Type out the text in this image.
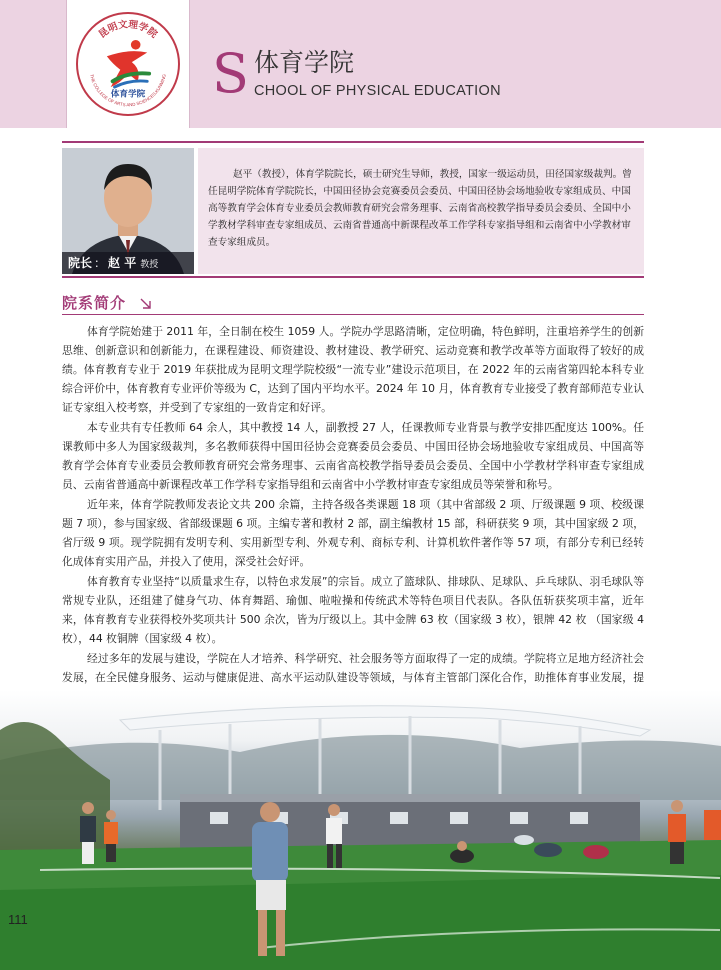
昆明文理学院
THE COLLEGE OF ARTS AND SCIENCES,KUNMING
体育学院 S 体育学院
CHOOL OF PHYSICAL EDUCATION
院长 ： 赵 平 教授

赵平（教授），体育学院院长，硕士研究生导师，教授，国家一级运动员，田径国家级裁判。曾任昆明学院体育学院院长，中国田径协会竞赛委员会委员、中国田径协会场地验收专家组成员、中国高等教育学会体育专业委员会教师教育研究会常务理事、云南省高校教学指导委员会委员、全国中小学教材学科审查专家组成员、云南省普通高中新课程改革工作学科专家指导组和云南省中小学教材审查专家组成员。

院系简介

体育学院始建于 2011 年，全日制在校生 1059 人。学院办学思路清晰，定位明确，特色鲜明，注重培养学生的创新思维、创新意识和创新能力，在课程建设、师资建设、教材建设、教学研究、运动竞赛和教学改革等方面取得了较好的成绩。体育教育专业于 2019 年获批成为昆明文理学院校级“一流专业”建设示范项目，在 2022 年的云南省第四轮本科专业综合评价中，体育教育专业评价等级为 C，达到了国内平均水平。2024 年 10 月，体育教育专业接受了教育部师范专业认证专家组入校考察，并受到了专家组的一致肯定和好评。

本专业共有专任教师 64 余人，其中教授 14 人，副教授 27 人，任课教师专业背景与教学安排匹配度达 100%。任课教师中多人为国家级裁判，多名教师获得中国田径协会竞赛委员会委员、中国田径协会场地验收专家组成员、中国高等教育学会体育专业委员会教师教育研究会常务理事、云南省高校教学指导委员会委员、全国中小学教材学科审查专家组成员、云南省普通高中新课程改革工作学科专家指导组和云南省中小学教材审查专家组成员等荣誉和称号。

近年来，体育学院教师发表论文共 200 余篇，主持各级各类课题 18 项（其中省部级 2 项、厅级课题 9 项、校级课题 7 项），参与国家级、省部级课题 6 项。主编专著和教材 2 部，副主编教材 15 部，科研获奖 9 项，其中国家级 2 项，省厅级 9 项。现学院拥有发明专利、实用新型专利、外观专利、商标专利、计算机软件著作等 57 项，有部分专利已经转化成体育实用产品，并投入了使用，深受社会好评。

体育教育专业坚持“以质量求生存，以特色求发展”的宗旨。成立了篮球队、排球队、足球队、乒乓球队、羽毛球队等常规专业队，还组建了健身气功、体育舞蹈、瑜伽、啦啦操和传统武术等特色项目代表队。各队伍斩获奖项丰富，近年来，体育教育专业获得校外奖项共计 500 余次，皆为厅级以上。其中金牌 63 枚（国家级 3 枚），银牌 42 枚 （国家级 4 枚），44 枚铜牌（国家级 4 枚）。

经过多年的发展与建设，学院在人才培养、科学研究、社会服务等方面取得了一定的成绩。学院将立足地方经济社会发展，在全民健身服务、运动与健康促进、高水平运动队建设等领域，与体育主管部门深化合作，助推体育事业发展，提

111
